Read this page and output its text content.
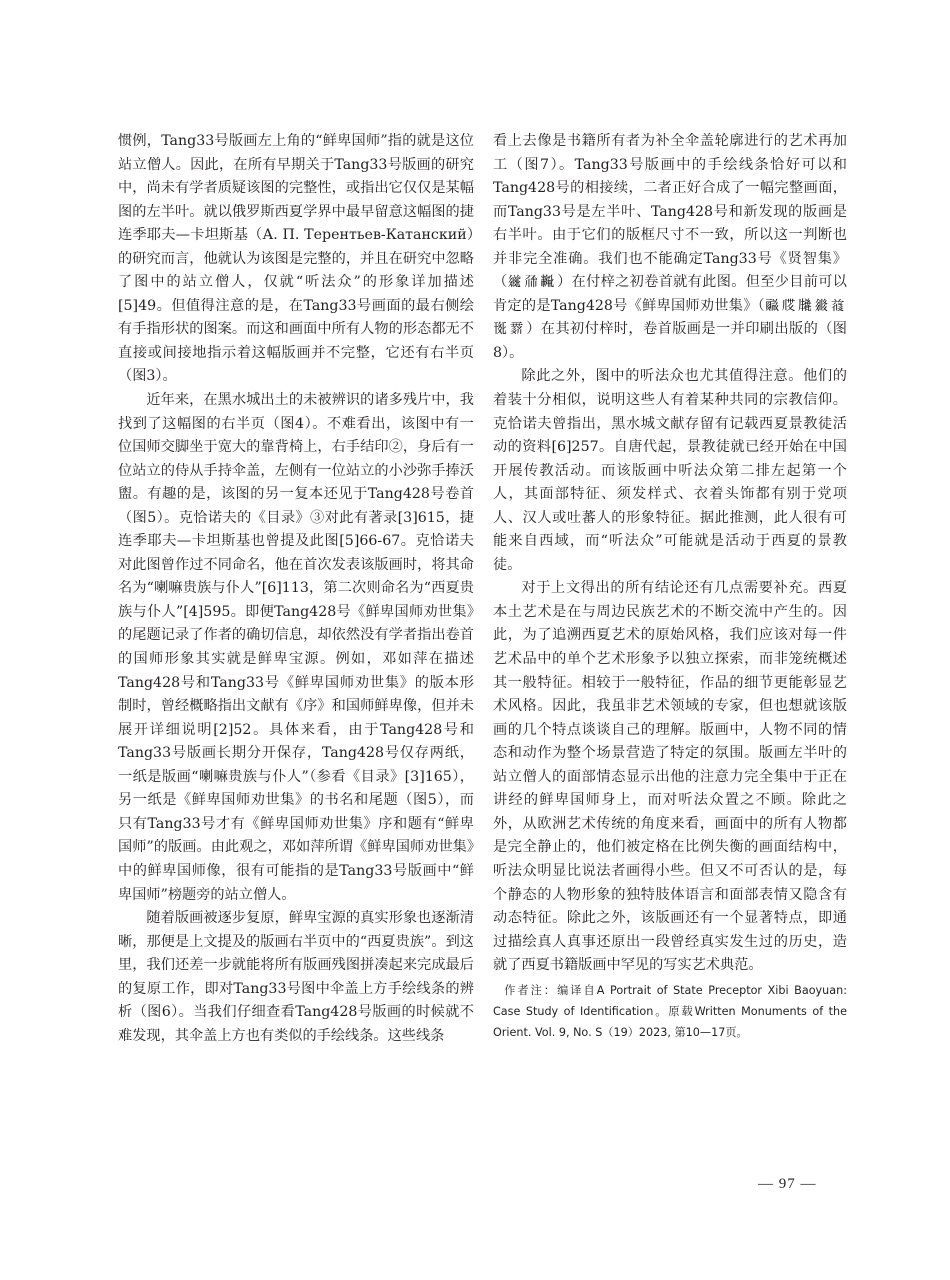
惯例，Tang33号版画左上角的“鲜卑国师”指的就是这位站立僧人。因此，在所有早期关于Tang33号版画的研究中，尚未有学者质疑该图的完整性，或指出它仅仅是某幅图的左半叶。就以俄罗斯西夏学界中最早留意这幅图的捷连季耶夫—卡坦斯基（А. П. Терентьев-Катанский）的研究而言，他就认为该图是完整的，并且在研究中忽略了图中的站立僧人，仅就“听法众”的形象详加描述[5]49。但值得注意的是，在Tang33号画面的最右侧绘有手指形状的图案。而这和画面中所有人物的形态都无不直接或间接地指示着这幅版画并不完整，它还有右半页（图3）。

近年来，在黑水城出土的未被辨识的诸多残片中，我找到了这幅图的右半页（图4）。不难看出，该图中有一位国师交脚坐于宽大的靠背椅上，右手结印②，身后有一位站立的侍从手持伞盖，左侧有一位站立的小沙弥手捧沃盥。有趣的是，该图的另一复本还见于Tang428号卷首（图5）。克恰诺夫的《目录》③对此有著录[3]615，捷连季耶夫—卡坦斯基也曾提及此图[5]66-67。克恰诺夫对此图曾作过不同命名，他在首次发表该版画时，将其命名为“喇嘛贵族与仆人”[6]113，第二次则命名为“西夏贵族与仆人”[4]595。即便Tang428号《鲜卑国师劝世集》的尾题记录了作者的确切信息，却依然没有学者指出卷首的国师形象其实就是鲜卑宝源。例如，邓如萍在描述Tang428号和Tang33号《鲜卑国师劝世集》的版本形制时，曾经概略指出文献有《序》和国师鲜卑像，但并未展开详细说明[2]52。具体来看，由于Tang428号和Tang33号版画长期分开保存，Tang428号仅存两纸，一纸是版画“喇嘛贵族与仆人”（参看《目录》[3]165），另一纸是《鲜卑国师劝世集》的书名和尾题（图5），而只有Tang33号才有《鲜卑国师劝世集》序和题有“鲜卑国师”的版画。由此观之，邓如萍所谓《鲜卑国师劝世集》中的鲜卑国师像，很有可能指的是Tang33号版画中“鲜卑国师”榜题旁的站立僧人。

随着版画被逐步复原，鲜卑宝源的真实形象也逐渐清晰，那便是上文提及的版画右半页中的“西夏贵族”。到这里，我们还差一步就能将所有版画残图拼凑起来完成最后的复原工作，即对Tang33号图中伞盖上方手绘线条的辨析（图6）。当我们仔细查看Tang428号版画的时候就不难发现，其伞盖上方也有类似的手绘线条。这些线条

看上去像是书籍所有者为补全伞盖轮廓进行的艺术再加工（图7）。Tang33号版画中的手绘线条恰好可以和Tang428号的相接续，二者正好合成了一幅完整画面，而Tang33号是左半叶、Tang428号和新发现的版画是右半叶。由于它们的版框尺寸不一致，所以这一判断也并非完全准确。我们也不能确定Tang33号《贤智集》（𗫂𗗙𘋤）在付梓之初卷首就有此图。但至少目前可以肯定的是Tang428号《鲜卑国师劝世集》（𘓺𗅆𗹬𗦫𗒯𗍊𗴿）在其初付梓时，卷首版画是一并印刷出版的（图8）。

除此之外，图中的听法众也尤其值得注意。他们的着装十分相似，说明这些人有着某种共同的宗教信仰。克恰诺夫曾指出，黑水城文献存留有记载西夏景教徒活动的资料[6]257。自唐代起，景教徒就已经开始在中国开展传教活动。而该版画中听法众第二排左起第一个人，其面部特征、须发样式、衣着头饰都有别于党项人、汉人或吐蕃人的形象特征。据此推测，此人很有可能来自西域，而“听法众”可能就是活动于西夏的景教徒。

对于上文得出的所有结论还有几点需要补充。西夏本土艺术是在与周边民族艺术的不断交流中产生的。因此，为了追溯西夏艺术的原始风格，我们应该对每一件艺术品中的单个艺术形象予以独立探索，而非笼统概述其一般特征。相较于一般特征，作品的细节更能彰显艺术风格。因此，我虽非艺术领域的专家，但也想就该版画的几个特点谈谈自己的理解。版画中，人物不同的情态和动作为整个场景营造了特定的氛围。版画左半叶的站立僧人的面部情态显示出他的注意力完全集中于正在讲经的鲜卑国师身上，而对听法众置之不顾。除此之外，从欧洲艺术传统的角度来看，画面中的所有人物都是完全静止的，他们被定格在比例失衡的画面结构中，听法众明显比说法者画得小些。但又不可否认的是，每个静态的人物形象的独特肢体语言和面部表情又隐含有动态特征。除此之外，该版画还有一个显著特点，即通过描绘真人真事还原出一段曾经真实发生过的历史，造就了西夏书籍版画中罕见的写实艺术典范。

作者注：编译自A Portrait of State Preceptor Xibi Baoyuan: Case Study of Identification。原载Written Monuments of the Orient. Vol. 9, No. S（19）2023, 第10—17页。

— 97 —
